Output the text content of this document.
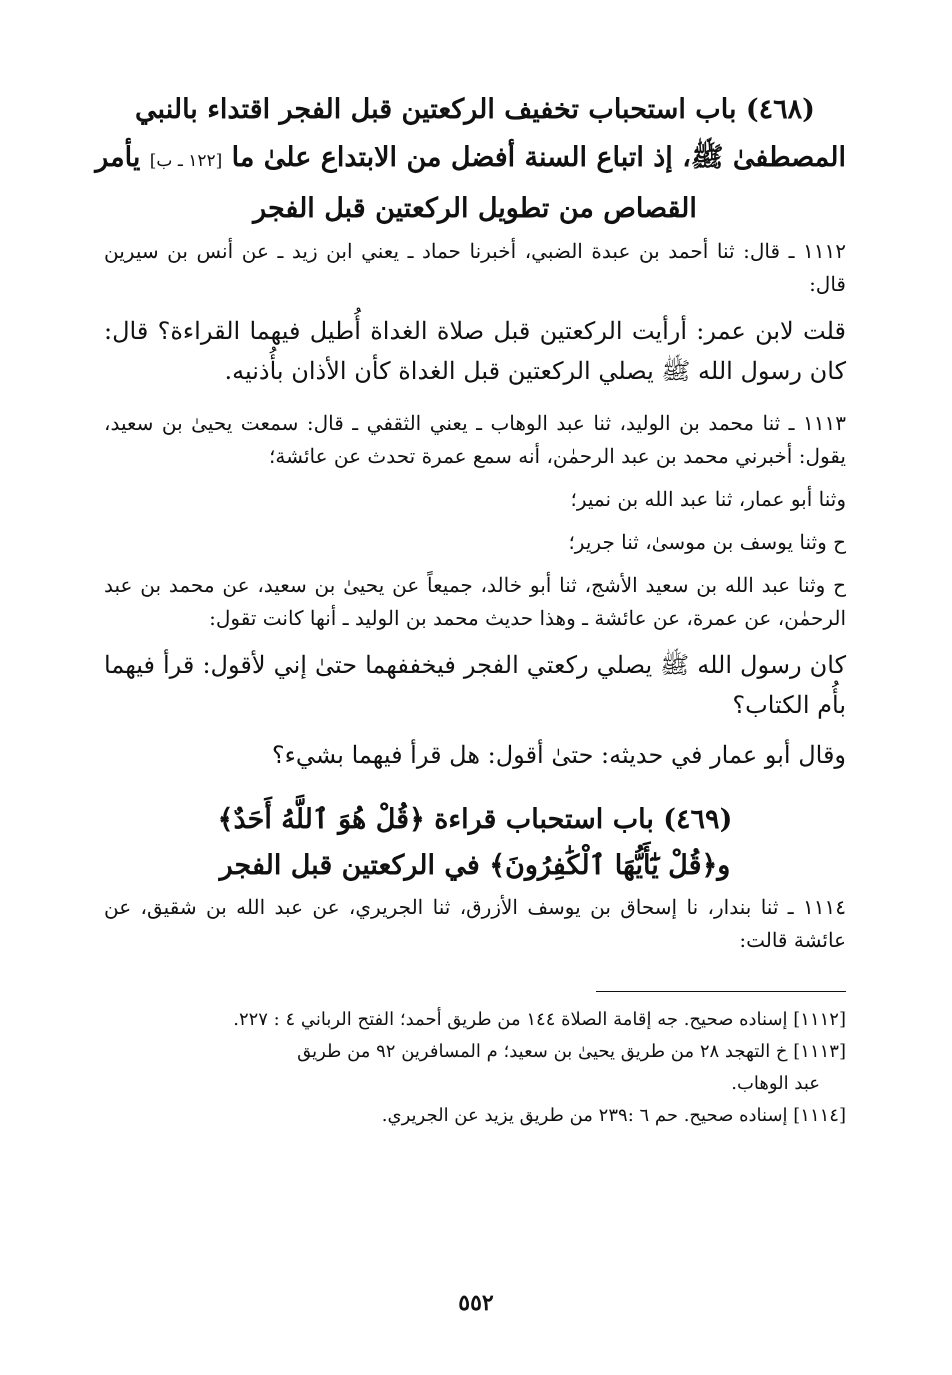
(٤٦٨) باب استحباب تخفيف الركعتين قبل الفجر اقتداء بالنبي
المصطفىٰ ﷺ، إذ اتباع السنة أفضل من الابتداع علىٰ ما [١٢٢ ـ ب] يأمر
القصاص من تطويل الركعتين قبل الفجر

١١١٢ ـ قال: ثنا أحمد بن عبدة الضبي، أخبرنا حماد ـ يعني ابن زيد ـ عن أنس بن سيرين قال:

قلت لابن عمر: أرأيت الركعتين قبل صلاة الغداة أُطيل فيهما القراءة؟ قال: كان رسول الله ﷺ يصلي الركعتين قبل الغداة كأن الأذان بأُذنيه.

١١١٣ ـ ثنا محمد بن الوليد، ثنا عبد الوهاب ـ يعني الثقفي ـ قال: سمعت يحيىٰ بن سعيد، يقول: أخبرني محمد بن عبد الرحمٰن، أنه سمع عمرة تحدث عن عائشة؛

وثنا أبو عمار، ثنا عبد الله بن نمير؛

ح وثنا يوسف بن موسىٰ، ثنا جرير؛

ح وثنا عبد الله بن سعيد الأشج، ثنا أبو خالد، جميعاً عن يحيىٰ بن سعيد، عن محمد بن عبد الرحمٰن، عن عمرة، عن عائشة ـ وهذا حديث محمد بن الوليد ـ أنها كانت تقول:

كان رسول الله ﷺ يصلي ركعتي الفجر فيخففهما حتىٰ إني لأقول: قرأ فيهما بأُم الكتاب؟

وقال أبو عمار في حديثه: حتىٰ أقول: هل قرأ فيهما بشيء؟

(٤٦٩) باب استحباب قراءة ﴿قُلْ هُوَ ٱللَّهُ أَحَدٌ﴾
و﴿قُلْ يَٰٓأَيُّهَا ٱلْكَٰفِرُونَ﴾ في الركعتين قبل الفجر

١١١٤ ـ ثنا بندار، نا إسحاق بن يوسف الأزرق، ثنا الجريري، عن عبد الله بن شقيق، عن عائشة قالت:

[١١١٢] إسناده صحيح. جه إقامة الصلاة ١٤٤ من طريق أحمد؛ الفتح الرباني ٤ : ٢٢٧.

[١١١٣] خ التهجد ٢٨ من طريق يحيىٰ بن سعيد؛ م المسافرين ٩٢ من طريق
عبد الوهاب.

[١١١٤] إسناده صحيح. حم ٦ :٢٣٩ من طريق يزيد عن الجريري.

٥٥٢
